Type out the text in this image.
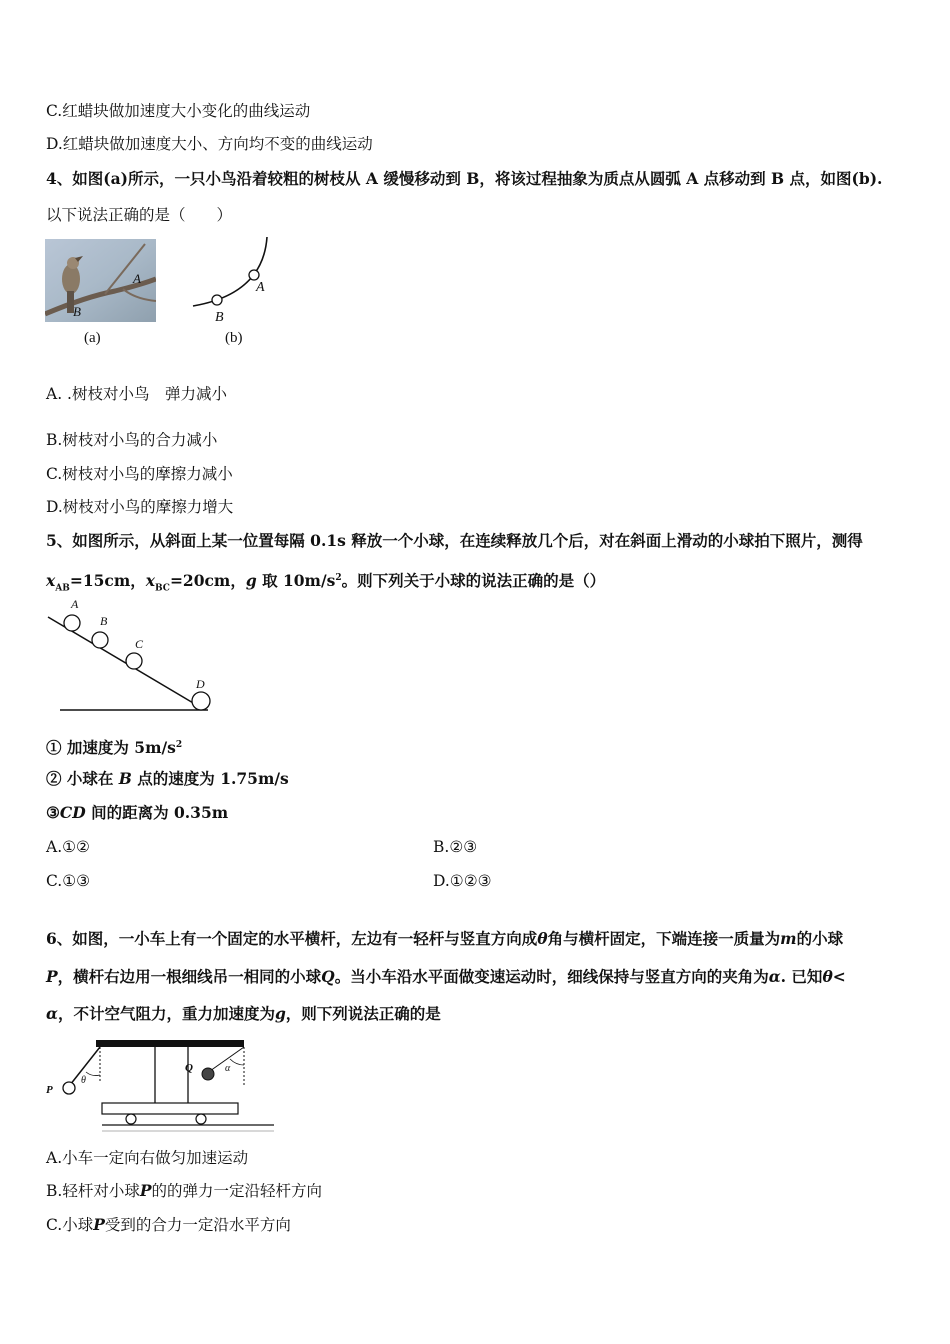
C.红蜡块做加速度大小变化的曲线运动
D.红蜡块做加速度大小、方向均不变的曲线运动
4、如图(a)所示，一只小鸟沿着较粗的树枝从 A 缓慢移动到 B，将该过程抽象为质点从圆弧 A 点移动到 B 点，如图(b).
以下说法正确的是（　　）
A
B
(a)
A
B
(b)
A. .树枝对小鸟　弹力减小
B.树枝对小鸟的合力减小
C.树枝对小鸟的摩擦力减小
D.树枝对小鸟的摩擦力增大
5、如图所示，从斜面上某一位置每隔 0.1s 释放一个小球，在连续释放几个后，对在斜面上滑动的小球拍下照片，测得
$x_{AB}=15cm$，$x_{BC}=20cm$，g 取 $10m/s^2$。则下列关于小球的说法正确的是（）
A
B
C
D
① 加速度为 $5m/s^2$
② 小球在 B 点的速度为 1.75m/s
③CD 间的距离为 0.35m
A.①②	B.②③
C.①③	D.①②③
6、如图，一小车上有一个固定的水平横杆，左边有一轻杆与竖直方向成θ角与横杆固定，下端连接一质量为m的小球
P，横杆右边用一根细线吊一相同的小球Q。当小车沿水平面做变速运动时，细线保持与竖直方向的夹角为α. 已知θ<
α，不计空气阻力，重力加速度为g，则下列说法正确的是
P
Q
θ
α
A.小车一定向右做匀加速运动
B.轻杆对小球P的的弹力一定沿轻杆方向
C.小球P受到的合力一定沿水平方向
